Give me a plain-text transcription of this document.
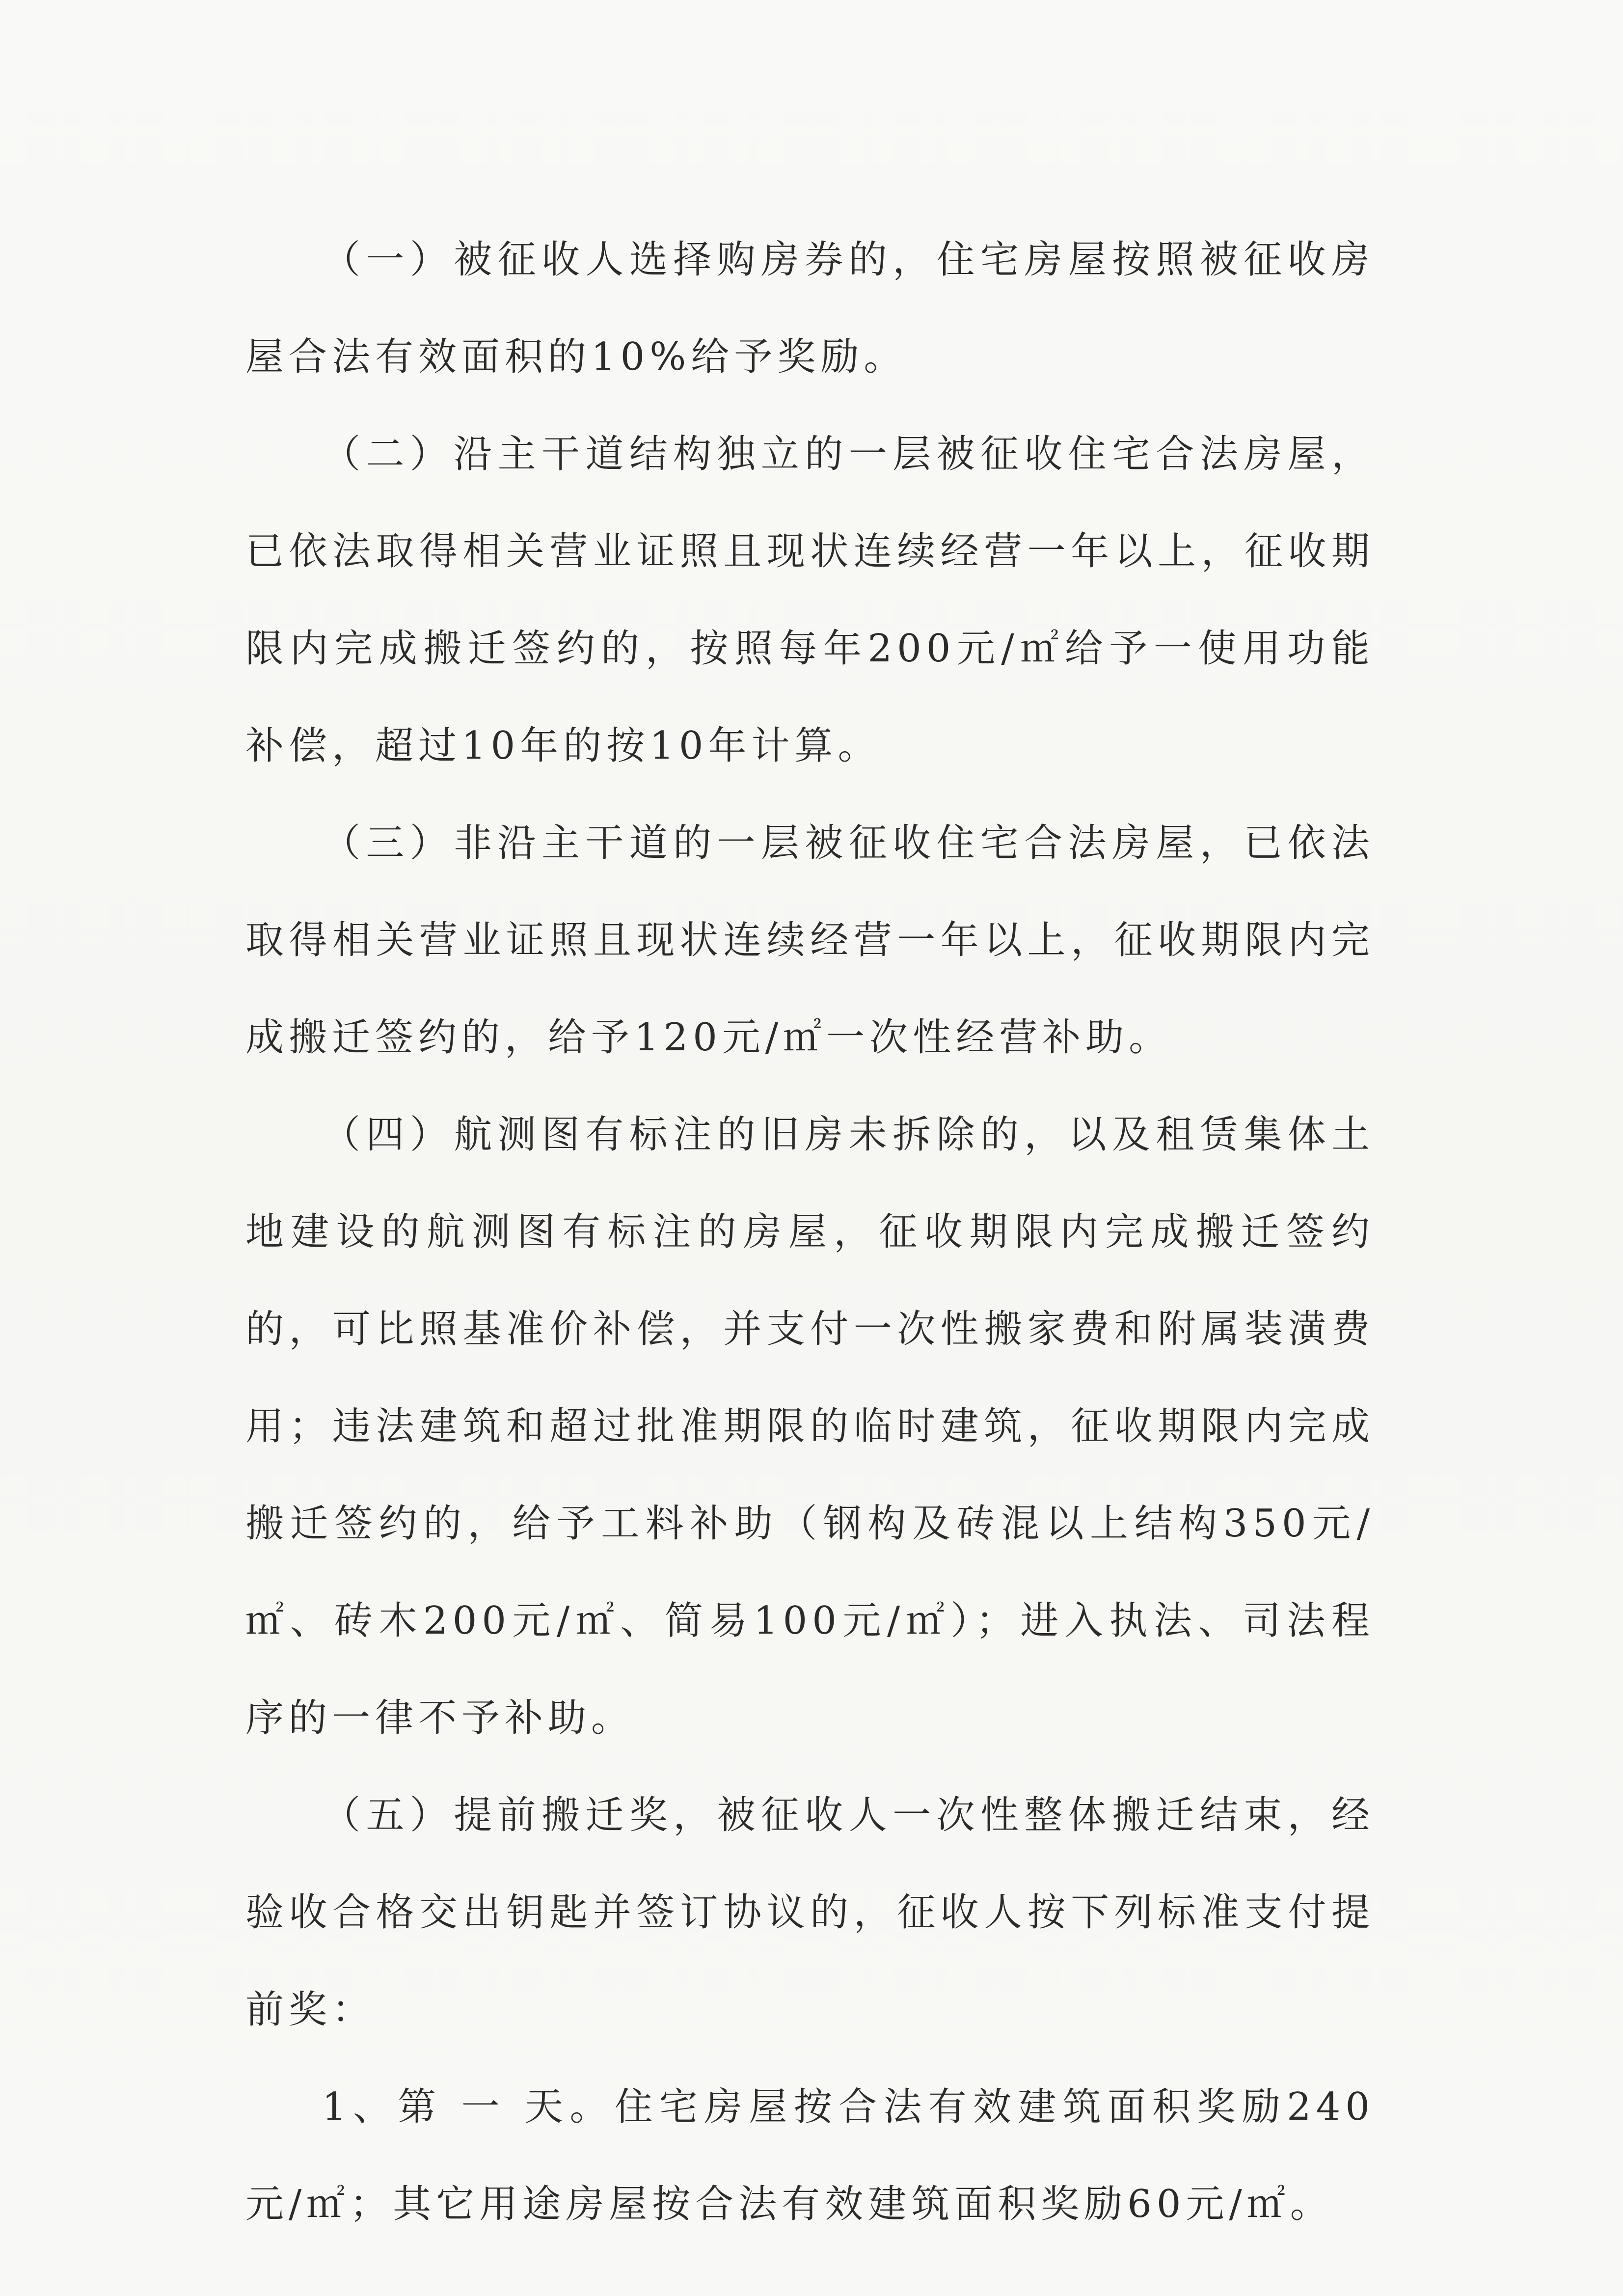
（一）被征收人选择购房券的，住宅房屋按照被征收房屋合法有效面积的10%给予奖励。

（二）沿主干道结构独立的一层被征收住宅合法房屋，已依法取得相关营业证照且现状连续经营一年以上，征收期限内完成搬迁签约的，按照每年200元/㎡给予一使用功能补偿，超过10年的按10年计算。

（三）非沿主干道的一层被征收住宅合法房屋，已依法取得相关营业证照且现状连续经营一年以上，征收期限内完成搬迁签约的，给予120元/㎡一次性经营补助。

（四）航测图有标注的旧房未拆除的，以及租赁集体土地建设的航测图有标注的房屋，征收期限内完成搬迁签约的，可比照基准价补偿，并支付一次性搬家费和附属装潢费用；违法建筑和超过批准期限的临时建筑，征收期限内完成搬迁签约的，给予工料补助（钢构及砖混以上结构350元/㎡、砖木200元/㎡、简易100元/㎡）；进入执法、司法程序的一律不予补助。

（五）提前搬迁奖，被征收人一次性整体搬迁结束，经验收合格交出钥匙并签订协议的，征收人按下列标准支付提前奖：

1、第 一 天。住宅房屋按合法有效建筑面积奖励240元/㎡；其它用途房屋按合法有效建筑面积奖励60元/㎡。
